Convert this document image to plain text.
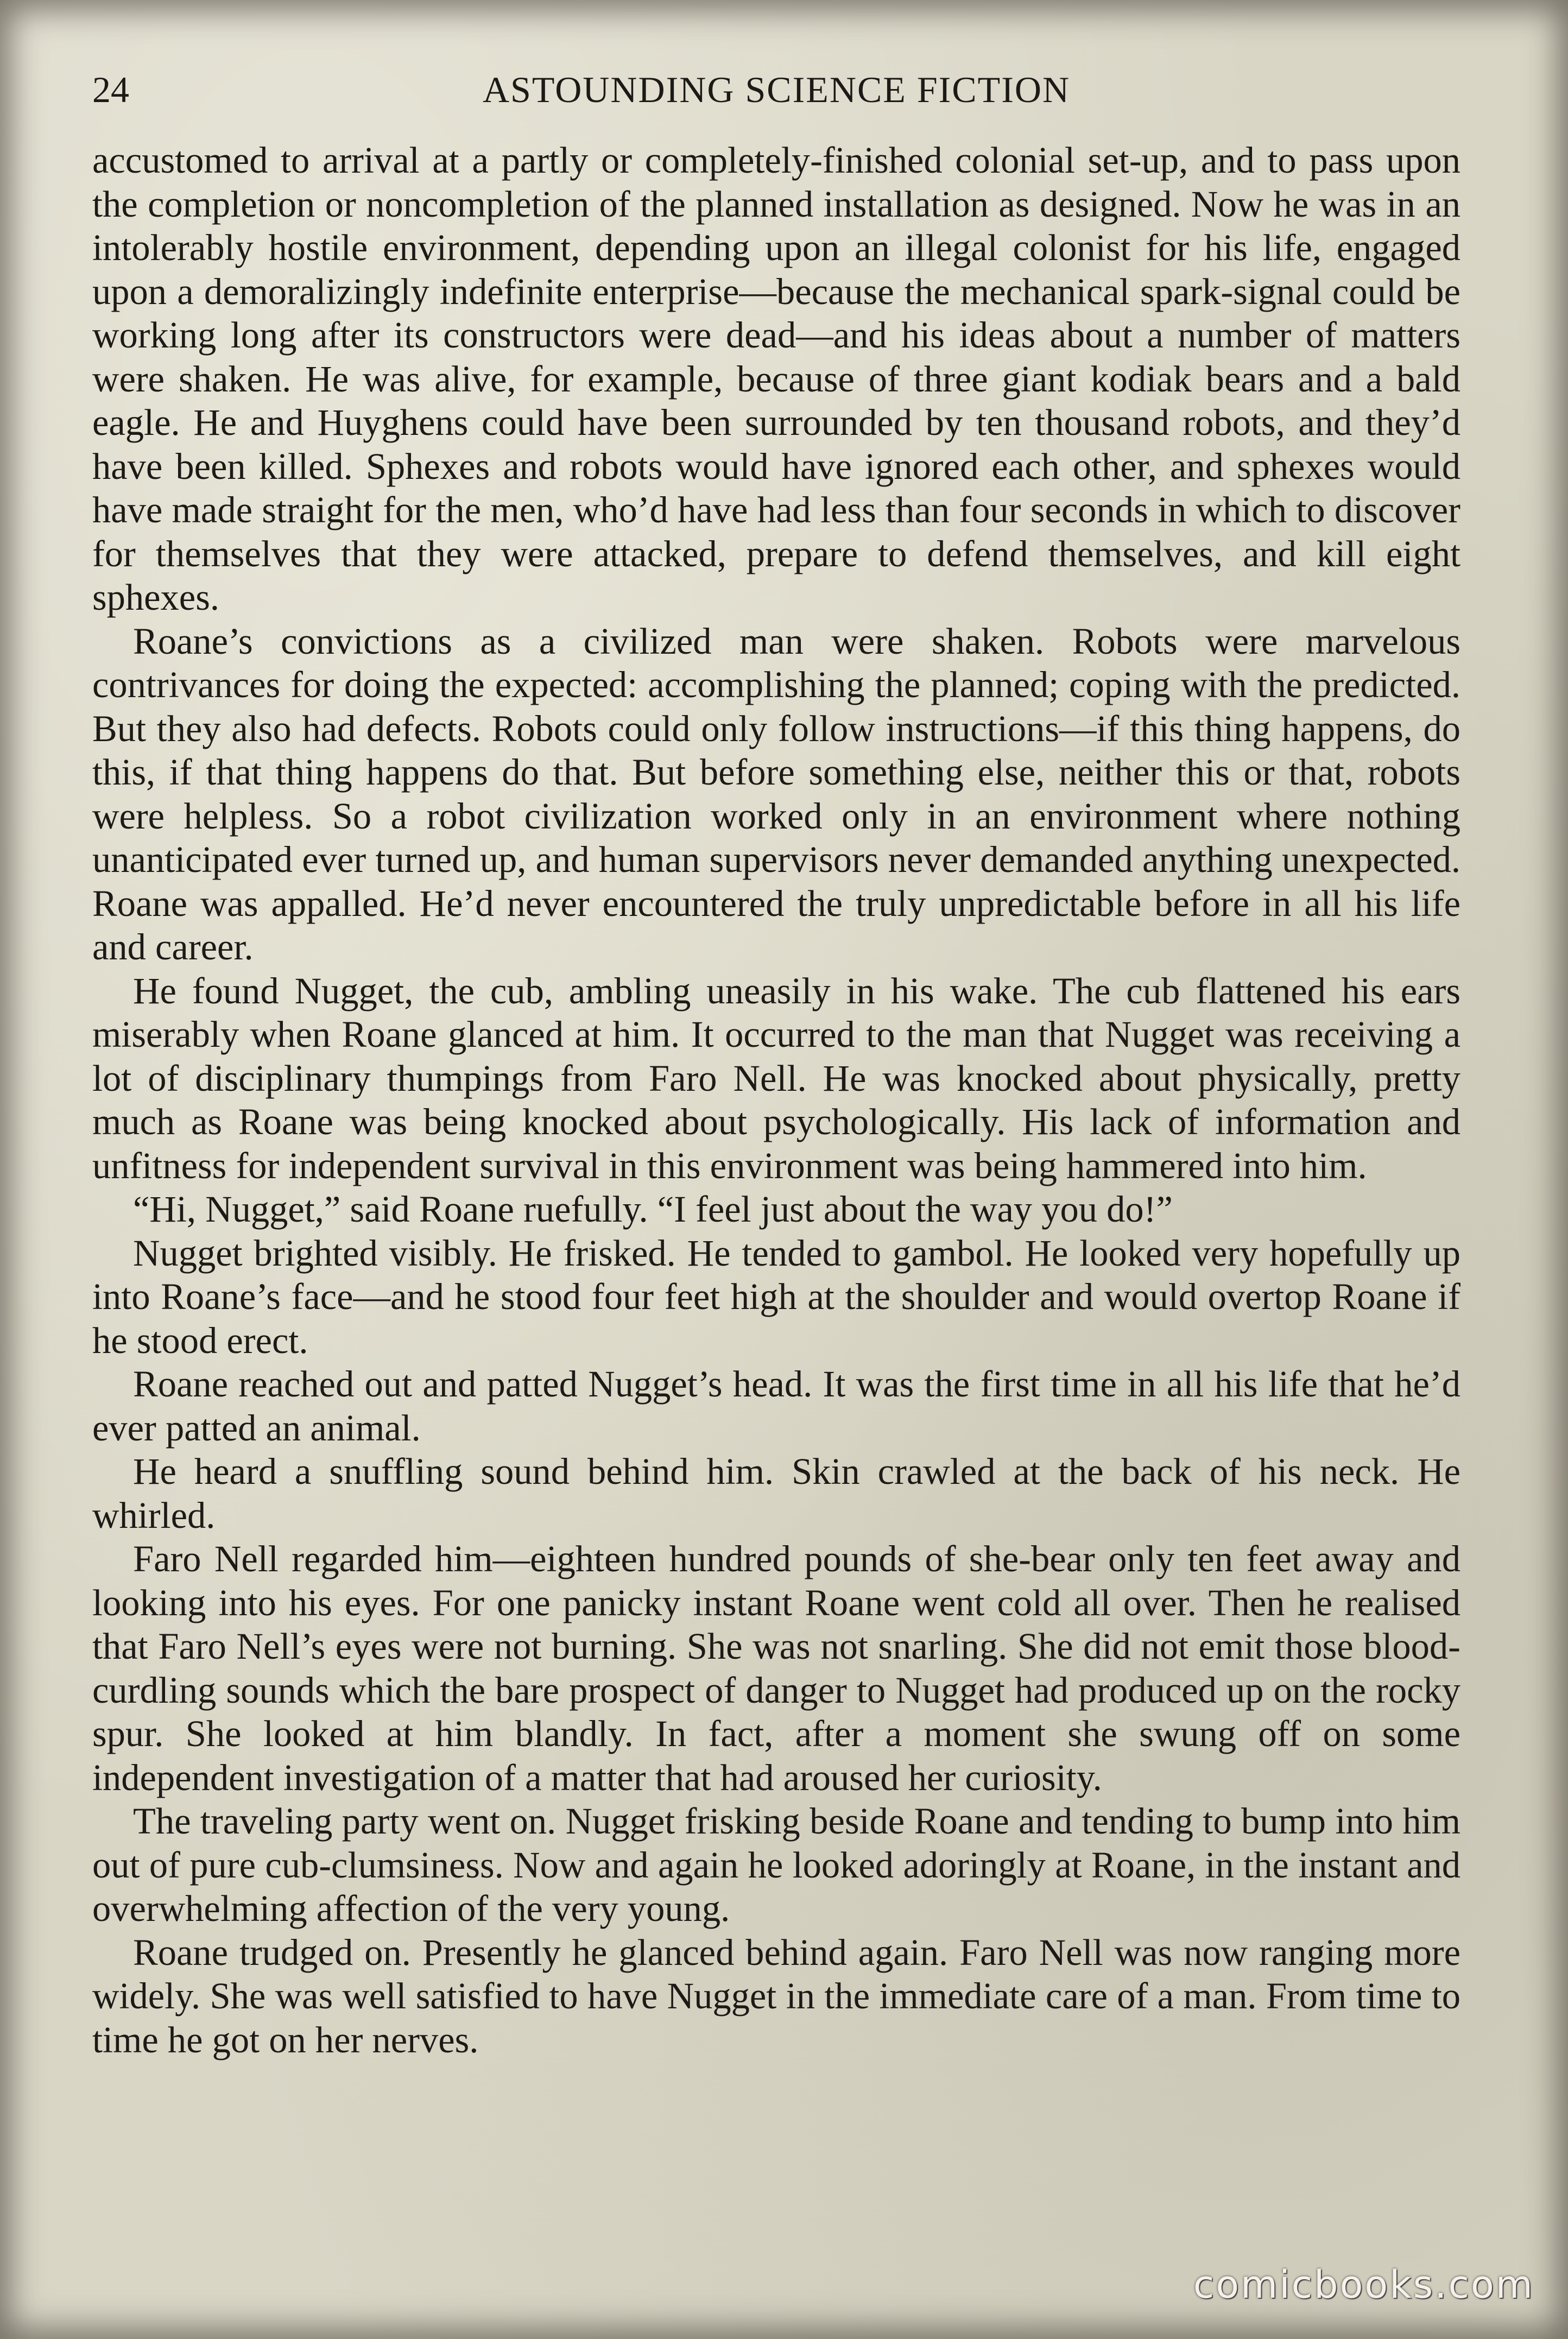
24	ASTOUNDING SCIENCE FICTION

accustomed to arrival at a partly or completely-finished colonial set-up, and to pass upon the completion or noncompletion of the planned installation as designed. Now he was in an intolerably hostile environment, depending upon an illegal colonist for his life, engaged upon a demoralizingly indefinite enterprise—because the mechanical spark-signal could be working long after its constructors were dead—and his ideas about a number of matters were shaken. He was alive, for example, because of three giant kodiak bears and a bald eagle. He and Huyghens could have been surrounded by ten thousand robots, and they’d have been killed. Sphexes and robots would have ignored each other, and sphexes would have made straight for the men, who’d have had less than four seconds in which to discover for themselves that they were attacked, prepare to defend themselves, and kill eight sphexes.

Roane’s convictions as a civilized man were shaken. Robots were marvelous contrivances for doing the expected: accomplishing the planned; coping with the predicted. But they also had defects. Robots could only follow instructions—if this thing happens, do this, if that thing happens do that. But before something else, neither this or that, robots were helpless. So a robot civilization worked only in an environment where nothing unanticipated ever turned up, and human supervisors never demanded anything unexpected. Roane was appalled. He’d never encountered the truly unpredictable before in all his life and career.

He found Nugget, the cub, ambling uneasily in his wake. The cub flattened his ears miserably when Roane glanced at him. It occurred to the man that Nugget was receiving a lot of disciplinary thumpings from Faro Nell. He was knocked about physically, pretty much as Roane was being knocked about psychologically. His lack of information and unfitness for independent survival in this environment was being hammered into him.

“Hi, Nugget,” said Roane ruefully. “I feel just about the way you do!”

Nugget brighted visibly. He frisked. He tended to gambol. He looked very hopefully up into Roane’s face—and he stood four feet high at the shoulder and would overtop Roane if he stood erect.

Roane reached out and patted Nugget’s head. It was the first time in all his life that he’d ever patted an animal.

He heard a snuffling sound behind him. Skin crawled at the back of his neck. He whirled.

Faro Nell regarded him—eighteen hundred pounds of she-bear only ten feet away and looking into his eyes. For one panicky instant Roane went cold all over. Then he realised that Faro Nell’s eyes were not burning. She was not snarling. She did not emit those blood-curdling sounds which the bare prospect of danger to Nugget had produced up on the rocky spur. She looked at him blandly. In fact, after a moment she swung off on some independent investigation of a matter that had aroused her curiosity.

The traveling party went on. Nugget frisking beside Roane and tending to bump into him out of pure cub-clumsiness. Now and again he looked adoringly at Roane, in the instant and overwhelming affection of the very young.

Roane trudged on. Presently he glanced behind again. Faro Nell was now ranging more widely. She was well satisfied to have Nugget in the immediate care of a man. From time to time he got on her nerves.

comicbooks.com
